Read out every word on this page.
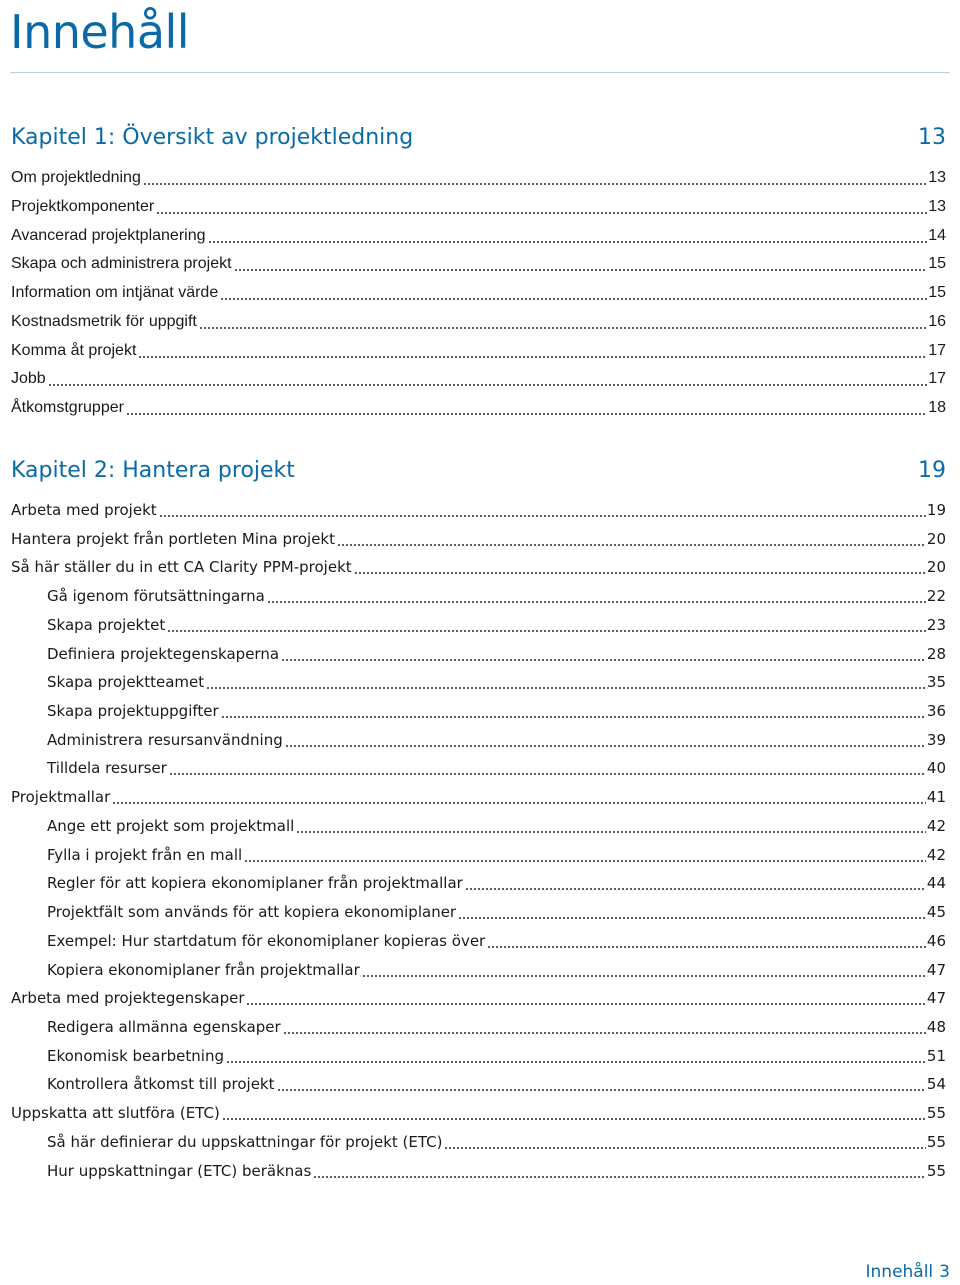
Innehåll
Kapitel 1: Översikt av projektledning	13
Om projektledning	13
Projektkomponenter	13
Avancerad projektplanering	14
Skapa och administrera projekt	15
Information om intjänat värde	15
Kostnadsmetrik för uppgift	16
Komma åt projekt	17
Jobb	17
Åtkomstgrupper	18
Kapitel 2: Hantera projekt	19
Arbeta med projekt	19
Hantera projekt från portleten Mina projekt	20
Så här ställer du in ett CA Clarity PPM-projekt	20
Gå igenom förutsättningarna	22
Skapa projektet	23
Definiera projektegenskaperna	28
Skapa projektteamet	35
Skapa projektuppgifter	36
Administrera resursanvändning	39
Tilldela resurser	40
Projektmallar	41
Ange ett projekt som projektmall	42
Fylla i projekt från en mall	42
Regler för att kopiera ekonomiplaner från projektmallar	44
Projektfält som används för att kopiera ekonomiplaner	45
Exempel: Hur startdatum för ekonomiplaner kopieras över	46
Kopiera ekonomiplaner från projektmallar	47
Arbeta med projektegenskaper	47
Redigera allmänna egenskaper	48
Ekonomisk bearbetning	51
Kontrollera åtkomst till projekt	54
Uppskatta att slutföra (ETC)	55
Så här definierar du uppskattningar för projekt (ETC)	55
Hur uppskattningar (ETC) beräknas	55
Innehåll 3
